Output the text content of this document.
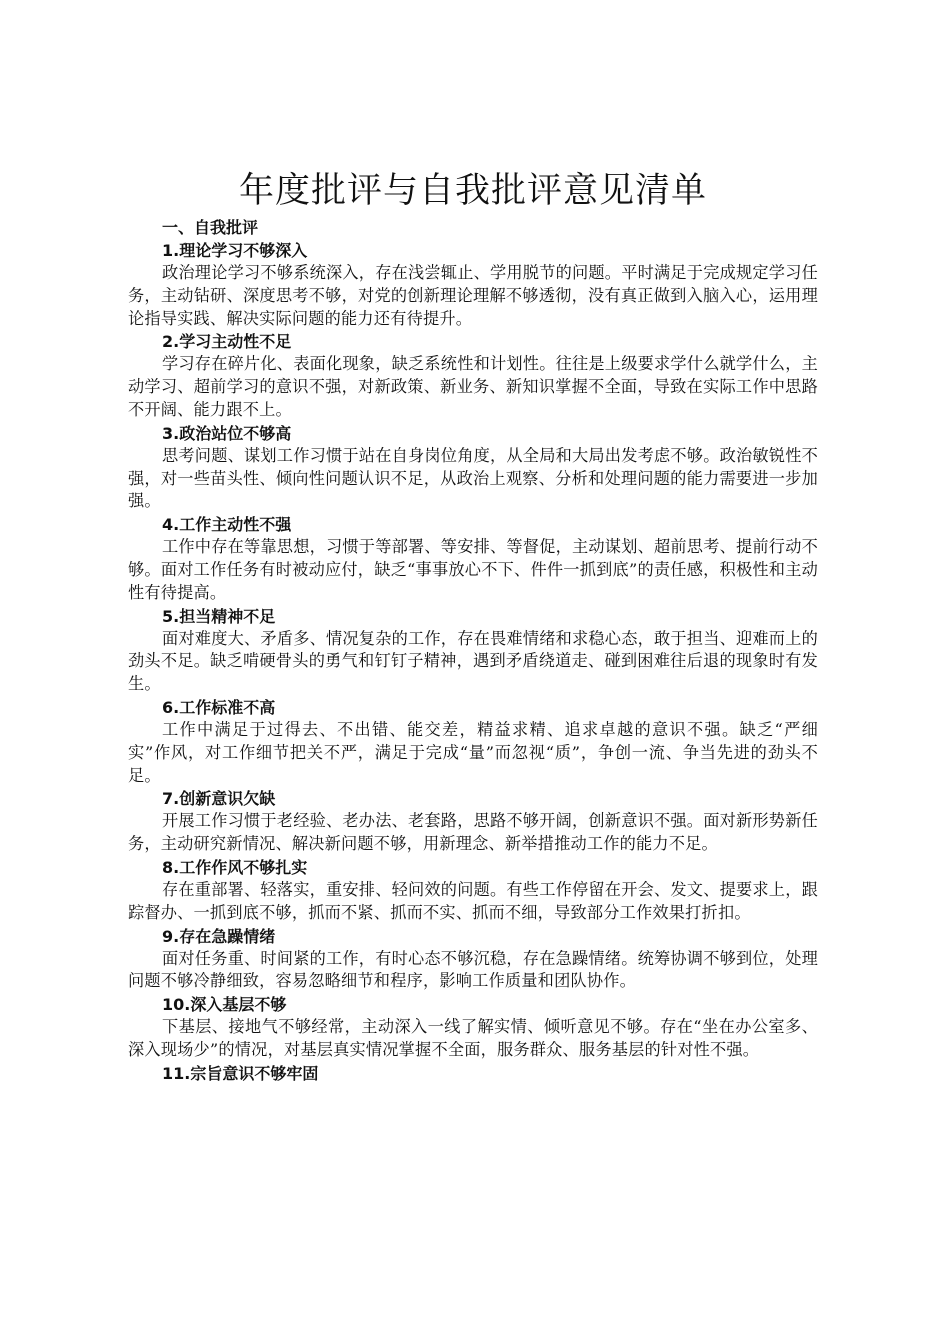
年度批评与自我批评意见清单

一、自我批评

1.理论学习不够深入

政治理论学习不够系统深入，存在浅尝辄止、学用脱节的问题。平时满足于完成规定学习任务，主动钻研、深度思考不够，对党的创新理论理解不够透彻，没有真正做到入脑入心，运用理论指导实践、解决实际问题的能力还有待提升。

2.学习主动性不足

学习存在碎片化、表面化现象，缺乏系统性和计划性。往往是上级要求学什么就学什么，主动学习、超前学习的意识不强，对新政策、新业务、新知识掌握不全面，导致在实际工作中思路不开阔、能力跟不上。

3.政治站位不够高

思考问题、谋划工作习惯于站在自身岗位角度，从全局和大局出发考虑不够。政治敏锐性不强，对一些苗头性、倾向性问题认识不足，从政治上观察、分析和处理问题的能力需要进一步加强。

4.工作主动性不强

工作中存在等靠思想，习惯于等部署、等安排、等督促，主动谋划、超前思考、提前行动不够。面对工作任务有时被动应付，缺乏“事事放心不下、件件一抓到底”的责任感，积极性和主动性有待提高。

5.担当精神不足

面对难度大、矛盾多、情况复杂的工作，存在畏难情绪和求稳心态，敢于担当、迎难而上的劲头不足。缺乏啃硬骨头的勇气和钉钉子精神，遇到矛盾绕道走、碰到困难往后退的现象时有发生。

6.工作标准不高

工作中满足于过得去、不出错、能交差，精益求精、追求卓越的意识不强。缺乏“严细实”作风，对工作细节把关不严，满足于完成“量”而忽视“质”，争创一流、争当先进的劲头不足。

7.创新意识欠缺

开展工作习惯于老经验、老办法、老套路，思路不够开阔，创新意识不强。面对新形势新任务，主动研究新情况、解决新问题不够，用新理念、新举措推动工作的能力不足。

8.工作作风不够扎实

存在重部署、轻落实，重安排、轻问效的问题。有些工作停留在开会、发文、提要求上，跟踪督办、一抓到底不够，抓而不紧、抓而不实、抓而不细，导致部分工作效果打折扣。

9.存在急躁情绪

面对任务重、时间紧的工作，有时心态不够沉稳，存在急躁情绪。统筹协调不够到位，处理问题不够冷静细致，容易忽略细节和程序，影响工作质量和团队协作。

10.深入基层不够

下基层、接地气不够经常，主动深入一线了解实情、倾听意见不够。存在“坐在办公室多、深入现场少”的情况，对基层真实情况掌握不全面，服务群众、服务基层的针对性不强。

11.宗旨意识不够牢固
